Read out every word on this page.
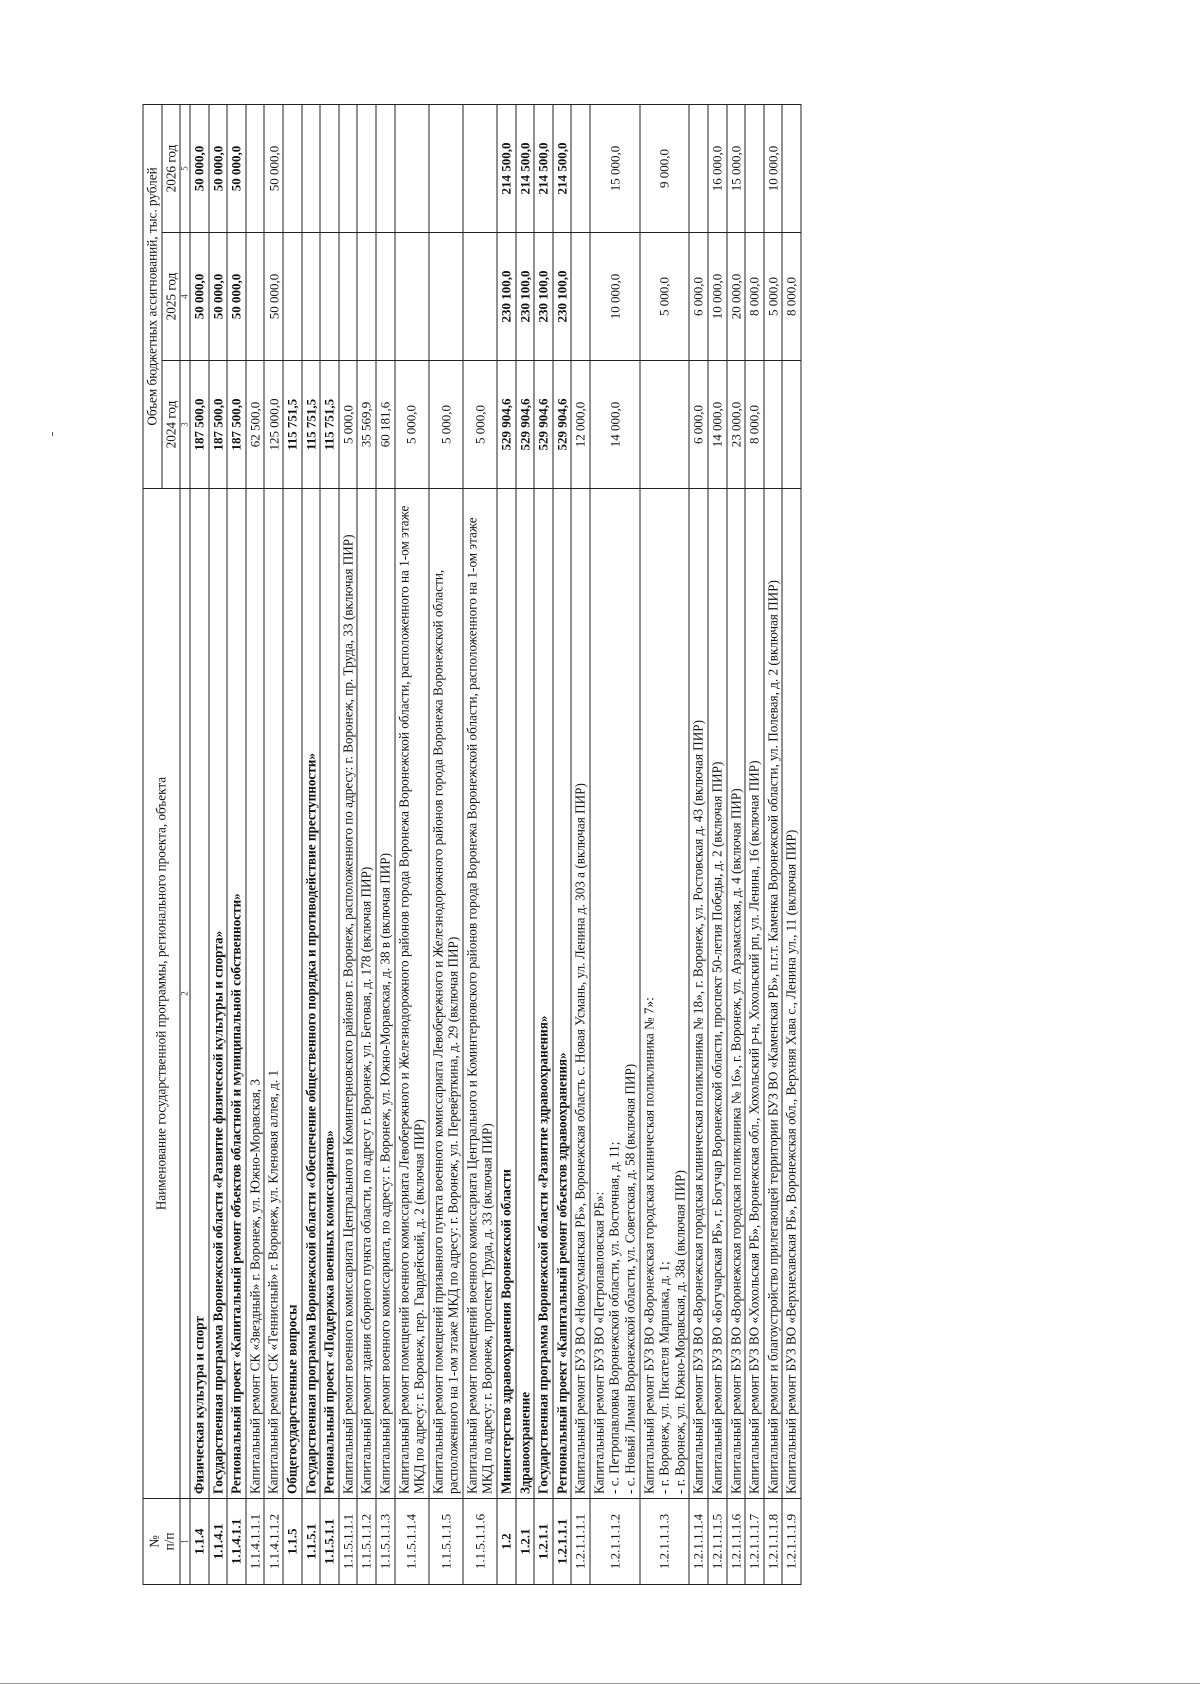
№ п/п	Наименование государственной программы, регионального проекта, объекта	Объем бюджетных ассигнований, тыс. рублей		
		2024 год	2025 год	2026 год
1	2	3	4	5
1.1.4	Физическая культура и спорт	187 500,0	50 000,0	50 000,0
1.1.4.1	Государственная программа Воронежской области «Развитие физической культуры и спорта»	187 500,0	50 000,0	50 000,0
1.1.4.1.1	Региональный проект «Капитальный ремонт объектов областной и муниципальной собственности»	187 500,0	50 000,0	50 000,0
1.1.4.1.1.1	Капитальный ремонт СК «Звездный» г. Воронеж, ул. Южно-Моравская, 3	62 500,0		
1.1.4.1.1.2	Капитальный ремонт СК «Теннисный» г. Воронеж, ул. Кленовая аллея, д. 1	125 000,0	50 000,0	50 000,0
1.1.5	Общегосударственные вопросы	115 751,5		
1.1.5.1	Государственная программа Воронежской области «Обеспечение общественного порядка и противодействие преступности»	115 751,5		
1.1.5.1.1	Региональный проект «Поддержка военных комиссариатов»	115 751,5		
1.1.5.1.1.1	Капитальный ремонт военного комиссариата Центрального и Коминтерновского районов г. Воронеж, расположенного по адресу: г. Воронеж, пр. Труда, 33 (включая ПИР)	5 000,0		
1.1.5.1.1.2	Капитальный ремонт здания сборного пункта области, по адресу г. Воронеж, ул. Беговая, д. 178 (включая ПИР)	35 569,9		
1.1.5.1.1.3	Капитальный ремонт военного комиссариата, по адресу: г. Воронеж, ул. Южно-Моравская, д. 38 в (включая ПИР)	60 181,6		
1.1.5.1.1.4	Капитальный ремонт помещений военного комиссариата Левобережного и Железнодорожного районов города Воронежа Воронежской области, расположенного на 1-ом этаже МКД по адресу: г. Воронеж, пер. Гвардейский, д. 2 (включая ПИР)	5 000,0		
1.1.5.1.1.5	Капитальный ремонт помещений призывного пункта военного комиссариата Левобережного и Железнодорожного районов города Воронежа Воронежской области, расположенного на 1-ом этаже МКД по адресу: г. Воронеж, ул. Перевёрткина, д. 29 (включая ПИР)	5 000,0		
1.1.5.1.1.6	Капитальный ремонт помещений военного комиссариата Центрального и Коминтерновского районов города Воронежа Воронежской области, расположенного на 1-ом этаже МКД по адресу: г. Воронеж, проспект Труда, д. 33 (включая ПИР)	5 000,0		
1.2	Министерство здравоохранения Воронежской области	529 904,6	230 100,0	214 500,0
1.2.1	Здравоохранение	529 904,6	230 100,0	214 500,0
1.2.1.1	Государственная программа Воронежской области «Развитие здравоохранения»	529 904,6	230 100,0	214 500,0
1.2.1.1.1	Региональный проект «Капитальный ремонт объектов здравоохранения»	529 904,6	230 100,0	214 500,0
1.2.1.1.1.1	Капитальный ремонт БУЗ ВО «Новоусманская РБ», Воронежская область с. Новая Усмань, ул. Ленина д. 303 а (включая ПИР)	12 000,0		
1.2.1.1.1.2	Капитальный ремонт БУЗ ВО «Петропавловская РБ»: - с. Петропавловка Воронежской области, ул. Восточная, д. 11; - с. Новый Лиман Воронежской области, ул. Советская, д. 58 (включая ПИР)	14 000,0	10 000,0	15 000,0
1.2.1.1.1.3	Капитальный ремонт БУЗ ВО «Воронежская городская клиническая поликлиника № 7»: - г. Воронеж, ул. Писателя Маршака, д. 1; - г. Воронеж, ул. Южно-Моравская, д. 38а (включая ПИР)		5 000,0	9 000,0
1.2.1.1.1.4	Капитальный ремонт БУЗ ВО «Воронежская городская клиническая поликлиника № 18», г. Воронеж, ул. Ростовская д. 43 (включая ПИР)	6 000,0	6 000,0	
1.2.1.1.1.5	Капитальный ремонт БУЗ ВО «Богучарская РБ», г. Богучар Воронежской области, проспект 50-летия Победы, д. 2 (включая ПИР)	14 000,0	10 000,0	16 000,0
1.2.1.1.1.6	Капитальный ремонт БУЗ ВО «Воронежская городская поликлиника № 16», г. Воронеж, ул. Арзамасская, д. 4 (включая ПИР)	23 000,0	20 000,0	15 000,0
1.2.1.1.1.7	Капитальный ремонт БУЗ ВО «Хохольская РБ», Воронежская обл., Хохольский р-н, Хохольский рп, ул. Ленина, 16 (включая ПИР)	8 000,0	8 000,0	
1.2.1.1.1.8	Капитальный ремонт и благоустройство прилегающей территории БУЗ ВО «Каменская РБ», п.г.т. Каменка Воронежской области, ул. Полевая, д. 2 (включая ПИР)		5 000,0	10 000,0
1.2.1.1.1.9	Капитальный ремонт БУЗ ВО «Верхнехавская РБ», Воронежская обл., Верхняя Хава с., Ленина ул., 11 (включая ПИР)		8 000,0	
